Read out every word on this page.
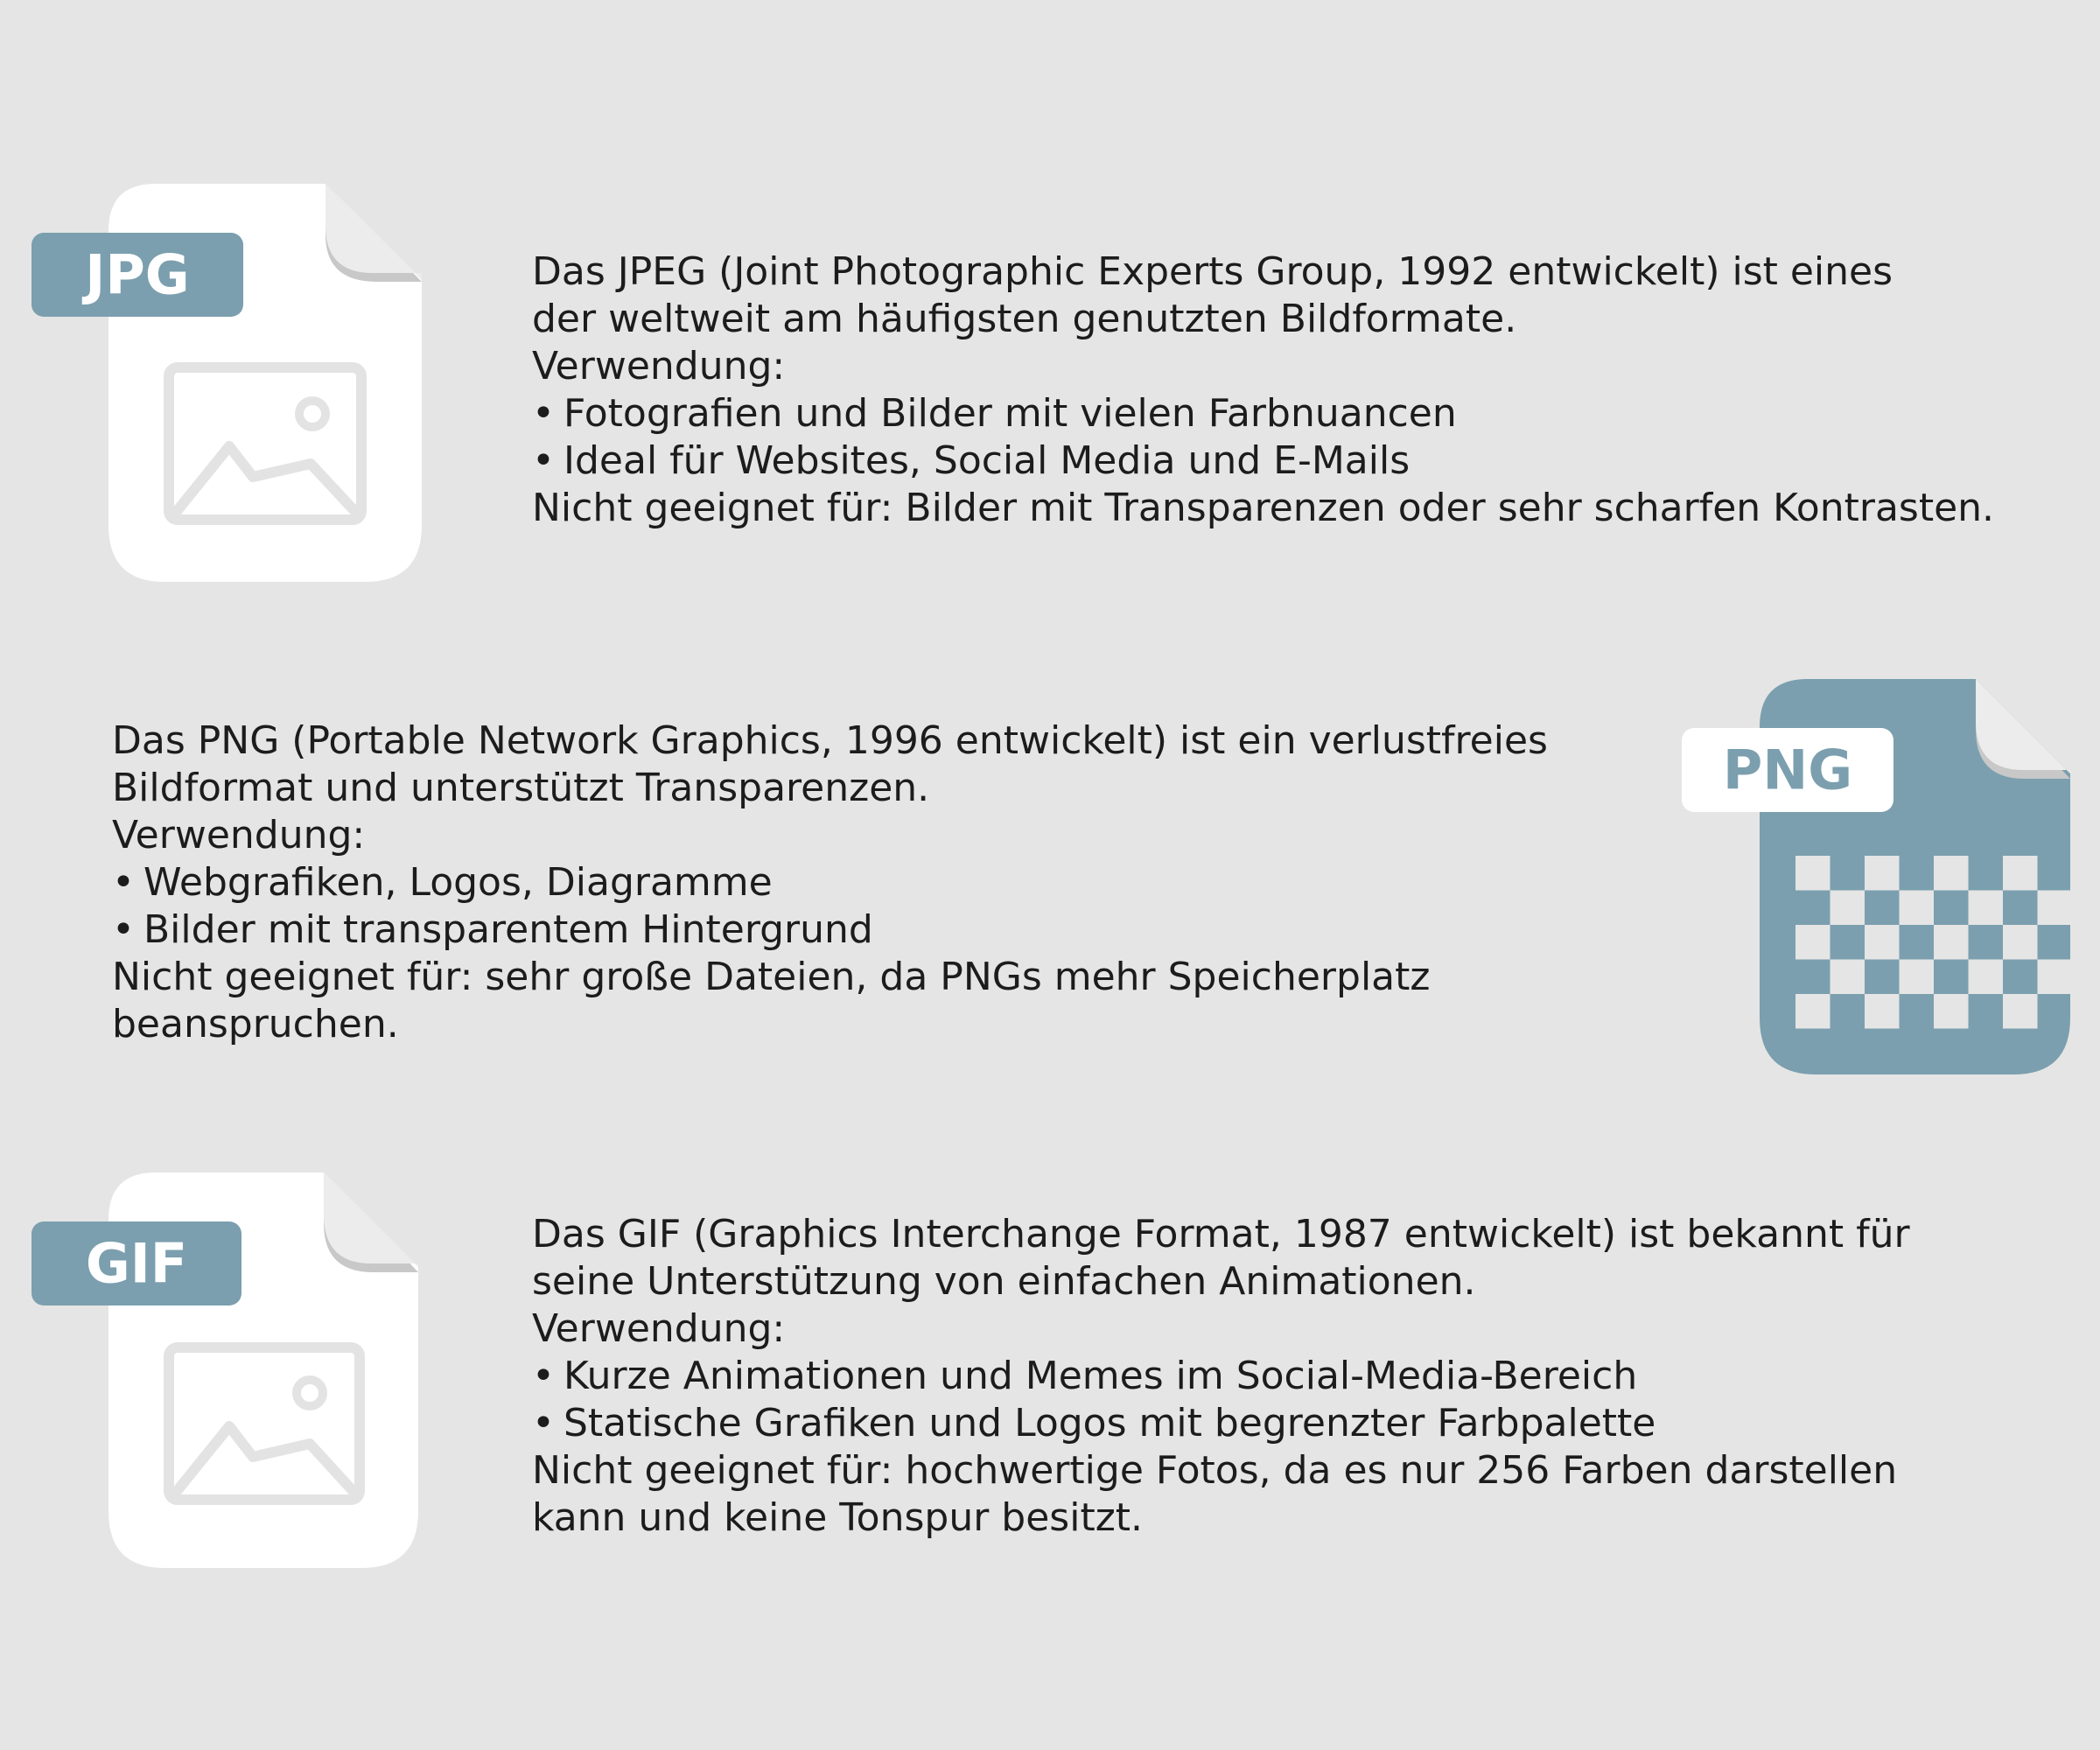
JPG
PNG
GIF

Das JPEG (Joint Photographic Experts Group, 1992 entwickelt) ist eines

der weltweit am häufigsten genutzten Bildformate.

Verwendung:

• Fotografien und Bilder mit vielen Farbnuancen
• Ideal für Websites, Social Media und E-Mails

Nicht geeignet für: Bilder mit Transparenzen oder sehr scharfen Kontrasten.

Das PNG (Portable Network Graphics, 1996 entwickelt) ist ein verlustfreies

Bildformat und unterstützt Transparenzen.

Verwendung:

• Webgrafiken, Logos, Diagramme
• Bilder mit transparentem Hintergrund

Nicht geeignet für: sehr große Dateien, da PNGs mehr Speicherplatz

beanspruchen.

Das GIF (Graphics Interchange Format, 1987 entwickelt) ist bekannt für

seine Unterstützung von einfachen Animationen.

Verwendung:

• Kurze Animationen und Memes im Social-Media-Bereich
• Statische Grafiken und Logos mit begrenzter Farbpalette

Nicht geeignet für: hochwertige Fotos, da es nur 256 Farben darstellen

kann und keine Tonspur besitzt.
